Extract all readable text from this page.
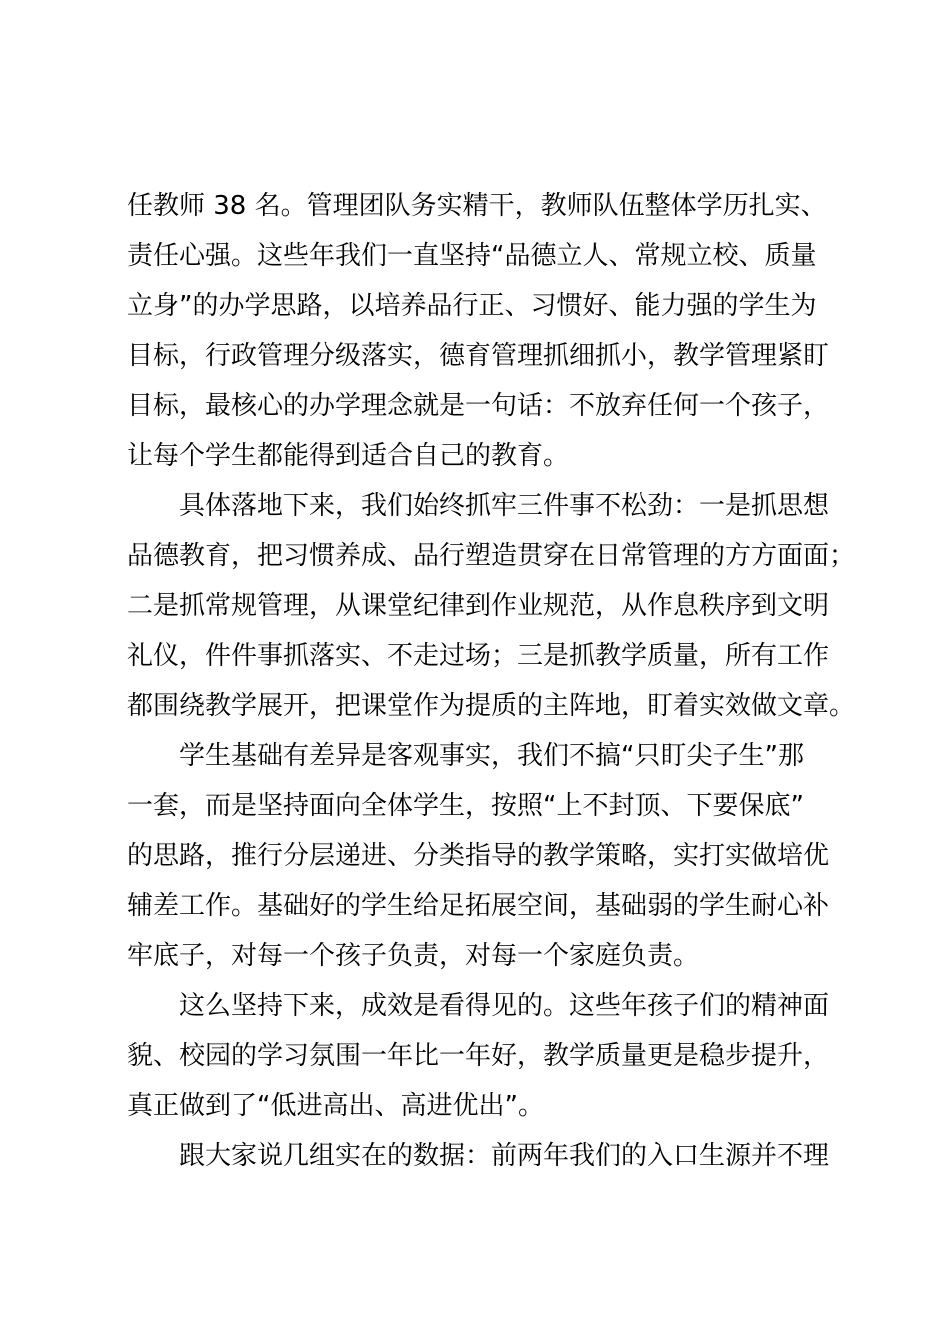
任教师 38 名。管理团队务实精干，教师队伍整体学历扎实、
责任心强。这些年我们一直坚持“品德立人、常规立校、质量
立身”的办学思路，以培养品行正、习惯好、能力强的学生为
目标，行政管理分级落实，德育管理抓细抓小，教学管理紧盯
目标，最核心的办学理念就是一句话：不放弃任何一个孩子，
让每个学生都能得到适合自己的教育。
具体落地下来，我们始终抓牢三件事不松劲：一是抓思想
品德教育，把习惯养成、品行塑造贯穿在日常管理的方方面面；
二是抓常规管理，从课堂纪律到作业规范，从作息秩序到文明
礼仪，件件事抓落实、不走过场；三是抓教学质量，所有工作
都围绕教学展开，把课堂作为提质的主阵地，盯着实效做文章。
学生基础有差异是客观事实，我们不搞“只盯尖子生”那
一套，而是坚持面向全体学生，按照“上不封顶、下要保底”
的思路，推行分层递进、分类指导的教学策略，实打实做培优
辅差工作。基础好的学生给足拓展空间，基础弱的学生耐心补
牢底子，对每一个孩子负责，对每一个家庭负责。
这么坚持下来，成效是看得见的。这些年孩子们的精神面
貌、校园的学习氛围一年比一年好，教学质量更是稳步提升，
真正做到了“低进高出、高进优出”。
跟大家说几组实在的数据：前两年我们的入口生源并不理
